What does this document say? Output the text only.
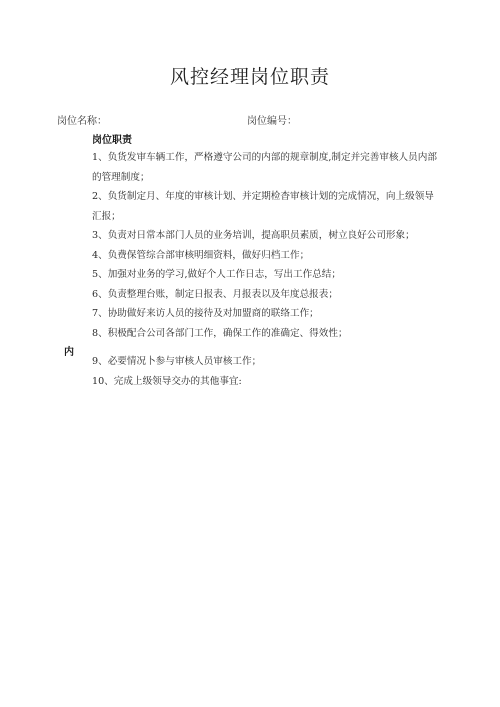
风控经理岗位职责
岗位名称：	岗位编号：
岗位职责
内
1、负货发审车辆工作，严格遵守公司的内部的规章制度,制定并完善审核人员内部的管理制度；
2、负货制定月、年度的审核计划、并定期检杳审核计划的完成情况，向上级领导汇报；
3、负责对日常本部门人员的业务培训，提高职员素质，树立良好公司形象；
4、负费保管综合部审核明细资料，做好归档工作；
5、加强对业务的学习,做好个人工作日志，写出工作总结；
6、负责整理台账，制定日报表、月报表以及年度总报表；
7、协助做好来访人员的接待及对加盟商的联络工作；
8、积极配合公司各部门工作，确保工作的准确定、得效性；
9、必要情况卜参与审核人员审核工作；
10、完成上级领导交办的其他事宜:
